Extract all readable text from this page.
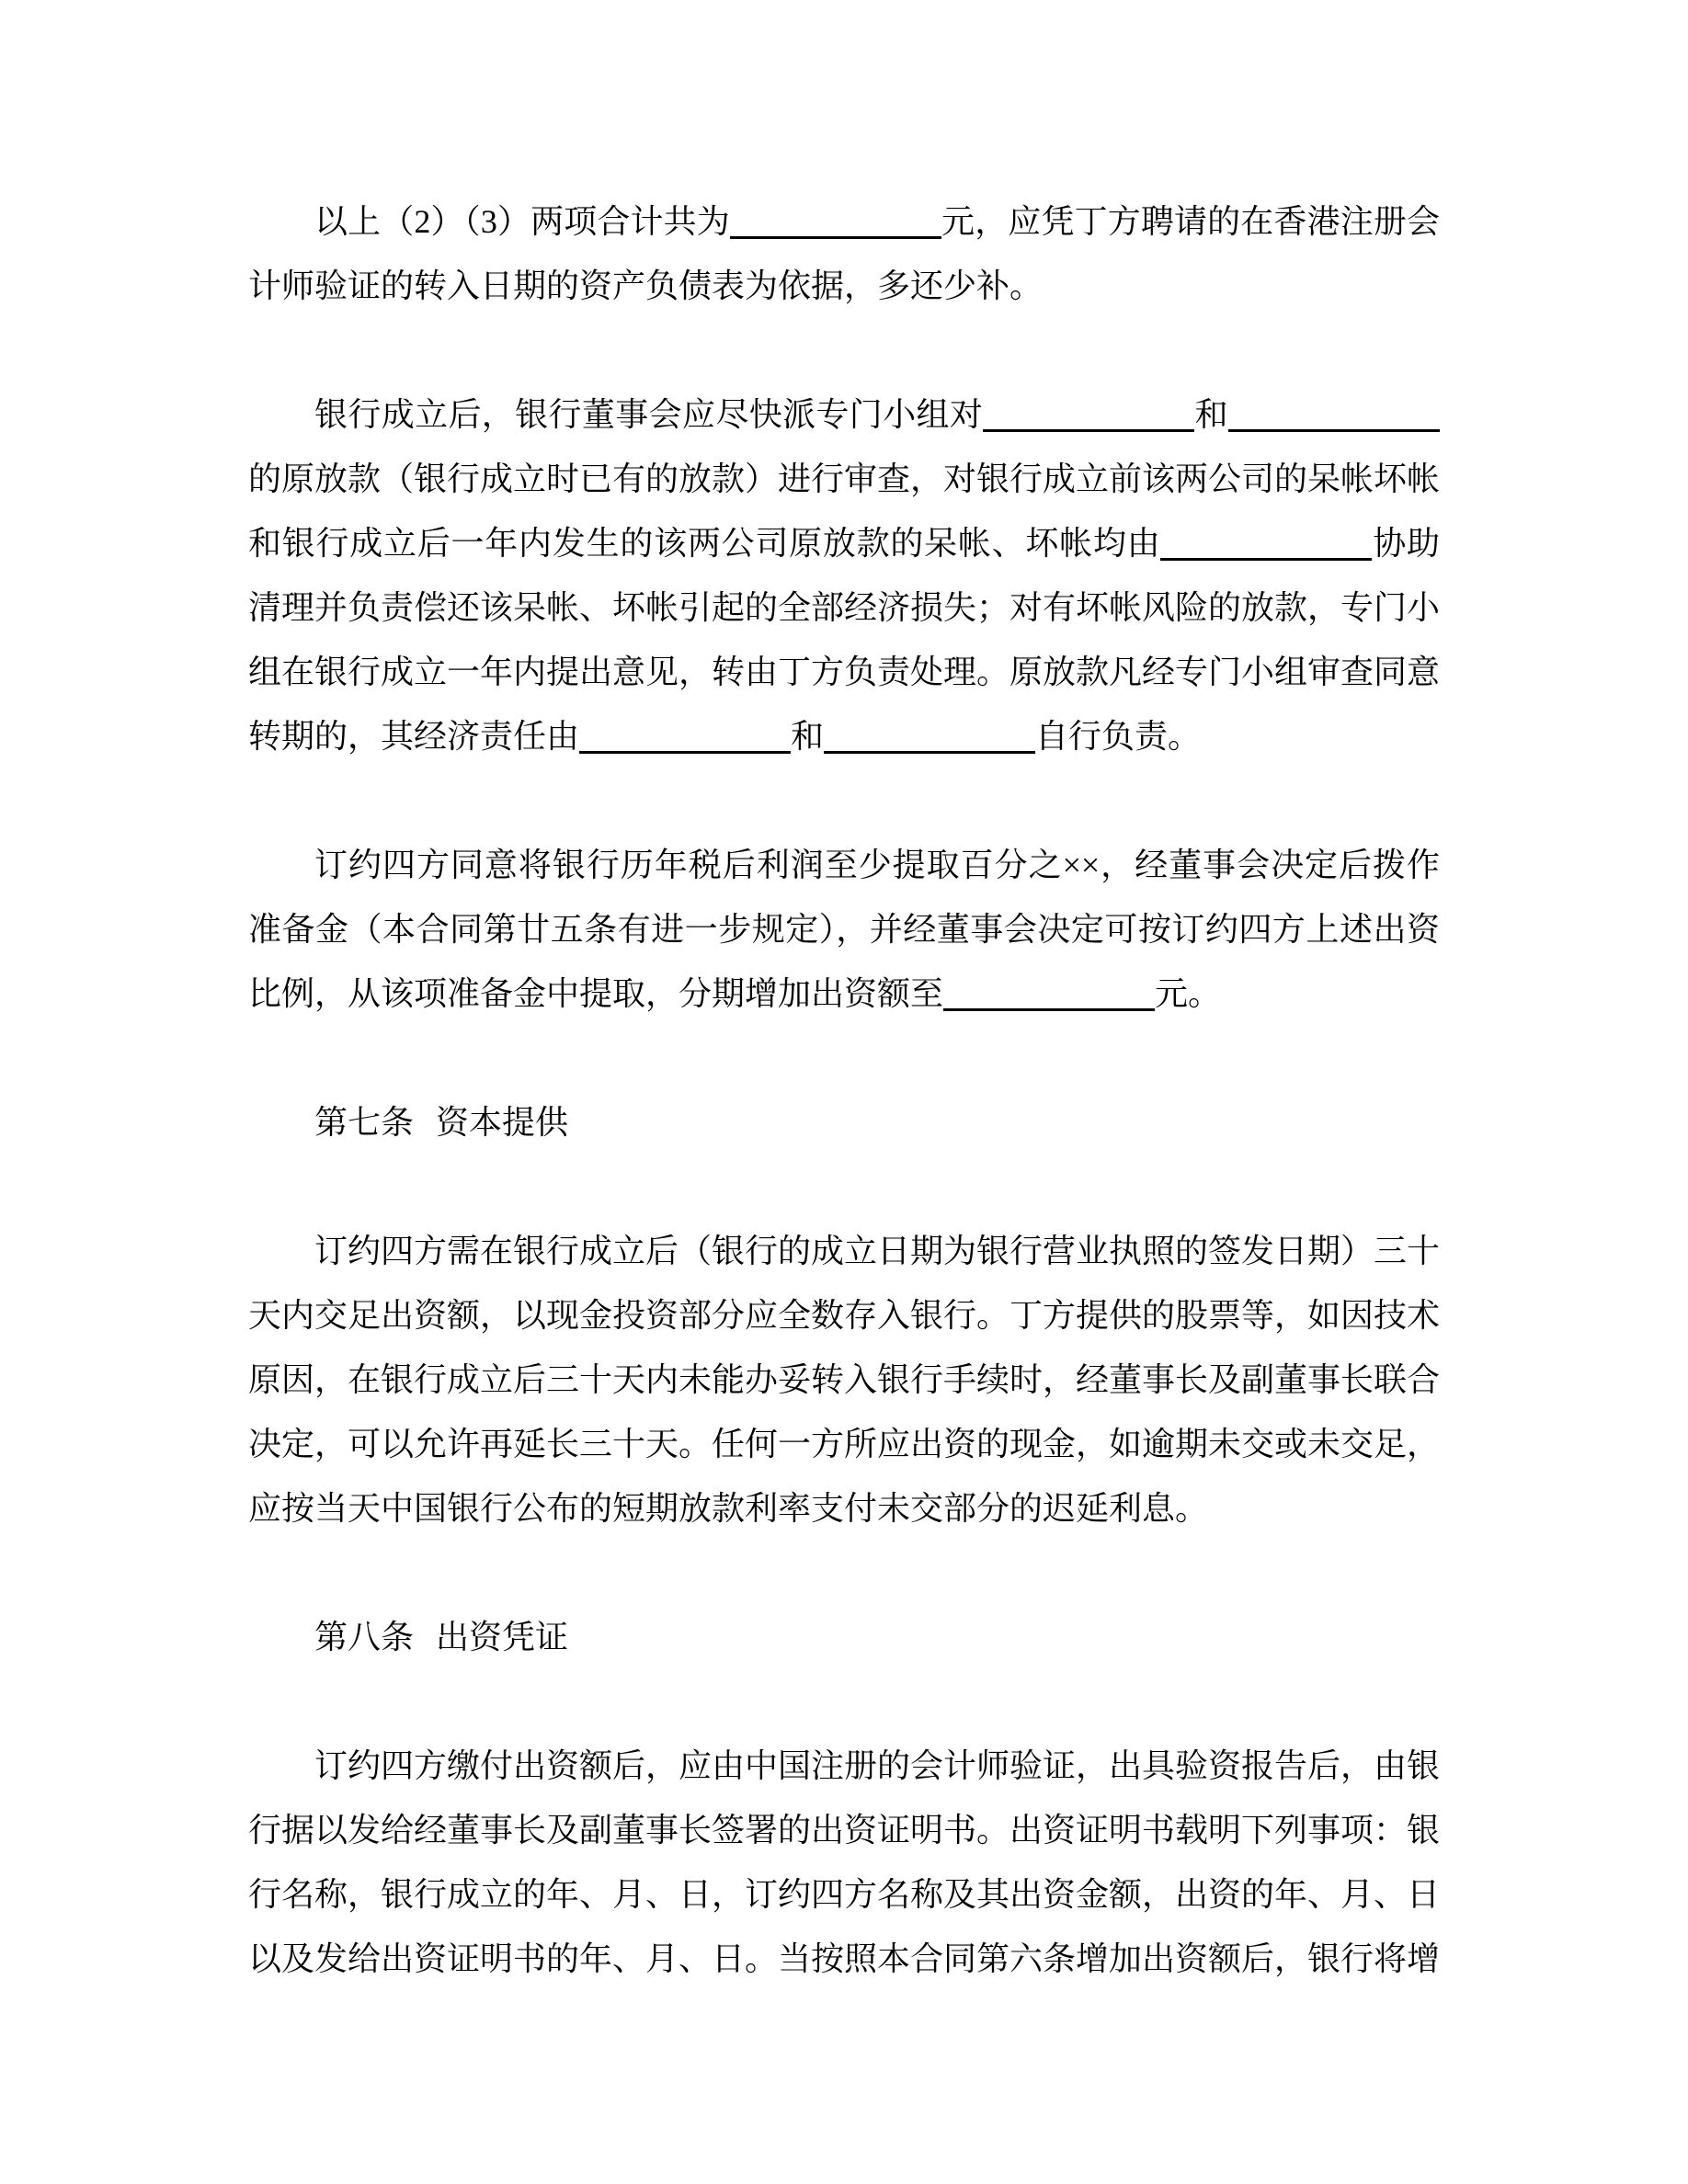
以上（2）（3）两项合计共为	元，应凭丁方聘请的在香港注册会计师验证的转入日期的资产负债表为依据，多还少补。

银行成立后，银行董事会应尽快派专门小组对	和的原放款（银行成立时已有的放款）进行审查，对银行成立前该两公司的呆帐坏帐和银行成立后一年内发生的该两公司原放款的呆帐、坏帐均由	协助清理并负责偿还该呆帐、坏帐引起的全部经济损失；对有坏帐风险的放款，专门小组在银行成立一年内提出意见，转由丁方负责处理。原放款凡经专门小组审查同意转期的，其经济责任由	和	自行负责。

订约四方同意将银行历年税后利润至少提取百分之××，经董事会决定后拨作准备金（本合同第廿五条有进一步规定），并经董事会决定可按订约四方上述出资比例，从该项准备金中提取，分期增加出资额至	元。

第七条 资本提供

订约四方需在银行成立后（银行的成立日期为银行营业执照的签发日期）三十天内交足出资额，以现金投资部分应全数存入银行。丁方提供的股票等，如因技术原因，在银行成立后三十天内未能办妥转入银行手续时，经董事长及副董事长联合决定，可以允许再延长三十天。任何一方所应出资的现金，如逾期未交或未交足，应按当天中国银行公布的短期放款利率支付未交部分的迟延利息。

第八条 出资凭证

订约四方缴付出资额后，应由中国注册的会计师验证，出具验资报告后，由银行据以发给经董事长及副董事长签署的出资证明书。出资证明书载明下列事项：银行名称，银行成立的年、月、日，订约四方名称及其出资金额，出资的年、月、日以及发给出资证明书的年、月、日。当按照本合同第六条增加出资额后，银行将增
